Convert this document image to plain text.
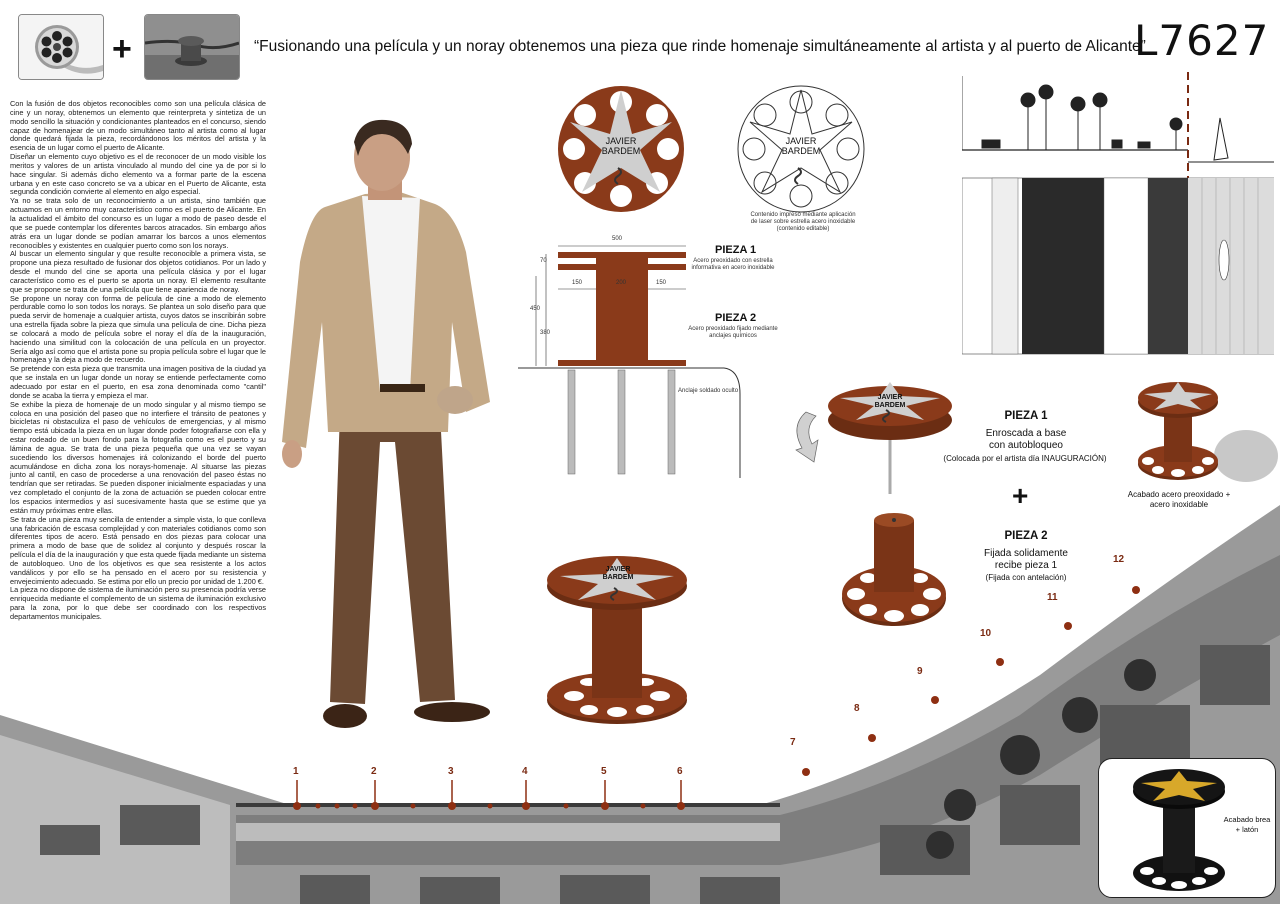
+	“Fusionando una película y un noray obtenemos una pieza que rinde homenaje simultáneamente al artista y al puerto de Alicante”
L7627

Con la fusión de dos objetos reconocibles como son una película clásica de cine y un noray, obtenemos un elemento que reinterpreta y sintetiza de un modo sencillo la situación y condicionantes planteados en el concurso, siendo capaz de homenajear de un modo simultáneo tanto al artista como al lugar donde quedará fijada la pieza, recordándonos los méritos del artista y la esencia de un lugar como el puerto de Alicante.

Diseñar un elemento cuyo objetivo es el de reconocer de un modo visible los meritos y valores de un artista vinculado al mundo del cine ya de por si lo hace singular. Si además dicho elemento va a formar parte de la escena urbana y en este caso concreto se va a ubicar en el Puerto de Alicante, esta segunda condición convierte al elemento en algo especial.

Ya no se trata solo de un reconocimiento a un artista, sino también que actuamos en un entorno muy característico como es el puerto de Alicante. En la actualidad el ámbito del concurso es un lugar a modo de paseo desde el que se puede contemplar los diferentes barcos atracados. Sin embargo años atrás era un lugar donde se podían amarrar los barcos a unos elementos reconocibles y existentes en cualquier puerto como son los norays.

Al buscar un elemento singular y que resulte reconocible a primera vista, se propone una pieza resultado de fusionar dos objetos cotidianos. Por un lado y desde el mundo del cine se aporta una película clásica y por el lugar característico como es el puerto se aporta un noray. El elemento resultante que se propone se trata de una película que tiene apariencia de noray.

Se propone un noray con forma de película de cine a modo de elemento perdurable como lo son todos los norays. Se plantea un solo diseño para que pueda servir de homenaje a cualquier artista, cuyos datos se inscribirán sobre una estrella fijada sobre la pieza que simula una película de cine. Dicha pieza se colocará a modo de película sobre el noray el día de la inauguración, haciendo una similitud con la colocación de una película en un proyector. Sería algo así como que el artista pone su propia película sobre el lugar que le homenajea y la deja a modo de recuerdo.

Se pretende con esta pieza que transmita una imagen positiva de la ciudad ya que se instala en un lugar donde un noray se entiende perfectamente como adecuado por estar en el puerto, en esa zona denominada como "cantil" donde se acaba la tierra y empieza el mar.

Se exhibe la pieza de homenaje de un modo singular y al mismo tiempo se coloca en una posición del paseo que no interfiere el tránsito de peatones y bicicletas ni obstaculiza el paso de vehículos de emergencias, y al mismo tiempo está ubicada la pieza en un lugar donde poder fotografiarse con ella y estar rodeado de un buen fondo para la fotografía como es el puerto y su lámina de agua. Se trata de una pieza pequeña que una vez se vayan sucediendo los diversos homenajes irá colonizando el borde del puerto acumulándose en dicha zona los norays-homenaje. Al situarse las piezas junto al cantil, en caso de procederse a una renovación del paseo éstas no tendrían que ser retiradas. Se pueden disponer inicialmente espaciadas y una vez completado el conjunto de la zona de actuación se pueden colocar entre los espacios intermedios y así sucesivamente hasta que se estime que ya están muy próximas entre ellas.

Se trata de una pieza muy sencilla de entender a simple vista, lo que conlleva una fabricación de escasa complejidad y con materiales cotidianos como son diferentes tipos de acero. Está pensado en dos piezas para colocar una primera a modo de base que de solidez al conjunto y después roscar la película el día de la inauguración y que esta quede fijada mediante un sistema de autobloqueo. Uno de los objetivos es que sea resistente a los actos vandálicos y por ello se ha pensado en el acero por su resistencia y envejecimiento adecuado. Se estima por ello un precio por unidad de 1.200 €.

La pieza no dispone de sistema de iluminación pero su presencia podría verse enriquecida mediante el complemento de un sistema de iluminación exclusivo para la zona, por lo que debe ser coordinado con los respectivos departamentos municipales.

JAVIER
BARDEM
JAVIER
BARDEM
Contenido impreso mediante aplicación de laser sobre estrella acero inoxidable (contenido editable)
500
150	200	150
70
450
380
PIEZA 1
Acero preoxidado con estrella informativa en acero inoxidable
PIEZA 2
Acero preoxidado fijado mediante anclajes químicos
Anclaje soldado oculto
JAVIER
BARDEM
JAVIER
BARDEM
PIEZA 1
Enroscada a base
con autobloqueo
(Colocada por el artista día INAUGURACIÓN)
+
PIEZA 2
Fijada solidamente
recibe pieza 1
(Fijada con antelación)
Acabado acero preoxidado + acero inoxidable
1	2	3	4	5	6
7
8
9
10
11
12
Acabado brea + latón
